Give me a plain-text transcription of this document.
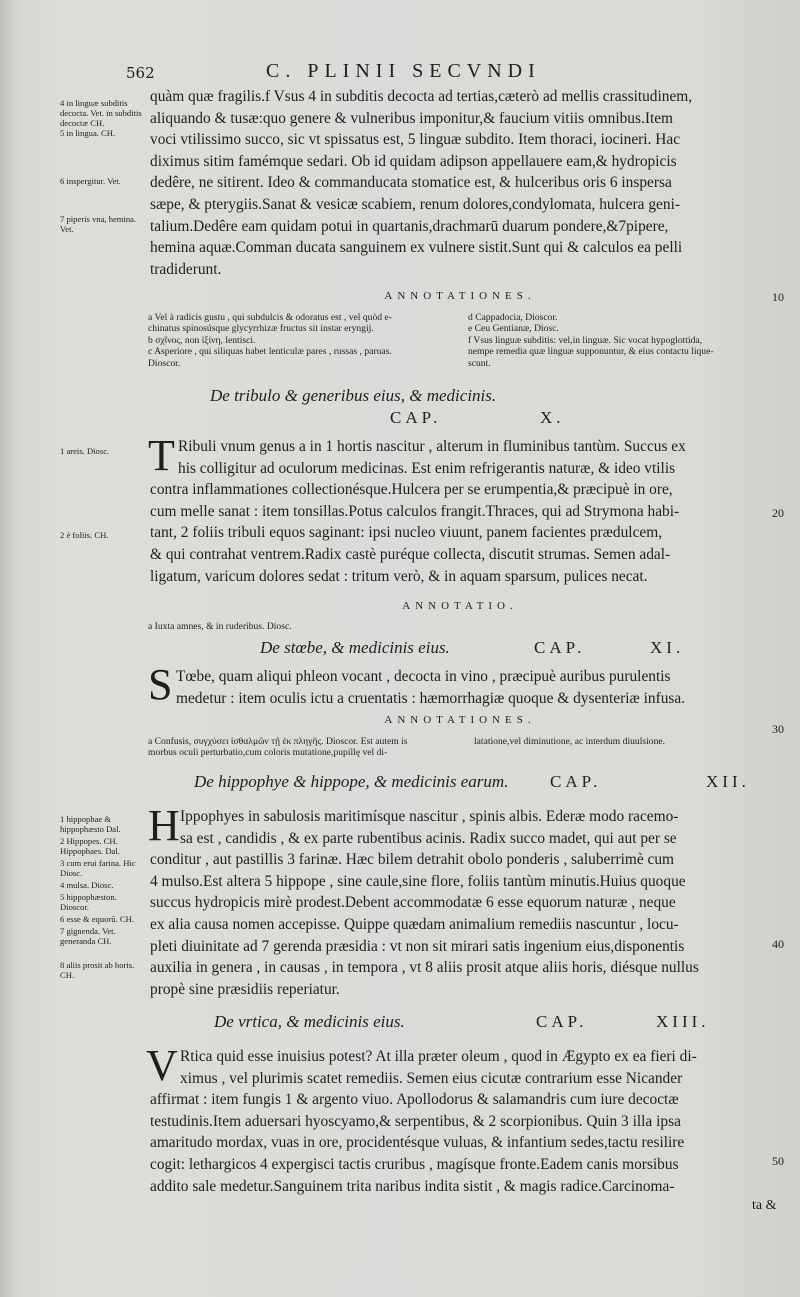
562	C. PLINII SECVNDI
quàm quæ fragilis.f Vsus 4 in subditis decocta ad tertias,cæterò ad mellis crassitudinem,
aliquando & tusæ:quo genere & vulneribus imponitur,& faucium vitiis omnibus.Item
voci vtilissimo succo, sic vt spissatus est, 5 linguæ subdito. Item thoraci, iocineri. Hac
diximus sitim famémque sedari. Ob id quidam adipson appellauere eam,& hydropicis
dedêre, ne sitirent. Ideo & commanducata stomatice est, & hulceribus oris 6 inspersa
sæpe, & pterygiis.Sanat & vesicæ scabiem, renum dolores,condylomata, hulcera geni-
talium.Dedêre eam quidam potui in quartanis,drachmarū duarum pondere,&7pipere,
hemina aquæ.Comman ducata sanguinem ex vulnere sistit.Sunt qui & calculos ea pelli
tradiderunt.
4 in linguæ subditis decocta. Vet. in subditis decoctæ CH.
5 in lingua. CH.
6 inspergitur. Vet.
7 piperis vna, hemina. Vet.
ANNOTATIONES.
a Vel à radicis gustu , qui subdulcis & odoratus est , vel quòd e-
chinatus spinosúsque glycyrrhizæ fructus sit instar eryngij.
b σχῖνος, non ἰξίνη, lentisci.
c Asperiore , qui siliquas habet lenticulæ pares , russas , paruas.
Dioscor.
d Cappadocia, Dioscor.
e Ceu Gentianæ, Diosc.
f Vsus linguæ subditis: vel,in linguæ. Sic vocat hypoglottida,
nempe remedia quæ linguæ supponuntur, & eius contactu lique-
scunt.
De tribulo & generibus eius, & medicinis.
CAP.	X.
T Ribuli vnum genus a in 1 hortis nascitur , alterum in fluminibus tantùm. Succus ex
his colligitur ad oculorum medicinas. Est enim refrigerantis naturæ, & ideo vtilis
contra inflammationes collectionésque.Hulcera per se erumpentia,& præcipuè in ore,
cum melle sanat : item tonsillas.Potus calculos frangit.Thraces, qui ad Strymona habi-
tant, 2 foliis tribuli equos saginant: ipsi nucleo viuunt, panem facientes prædulcem,
& qui contrahat ventrem.Radix castè puréque collecta, discutit strumas. Semen adal-
ligatum, varicum dolores sedat : tritum verò, & in aquam sparsum, pulices necat.
1 areis. Diosc.
2 è foliis. CH.
ANNOTATIO.
a Iuxta amnes, & in ruderibus. Diosc.
De stœbe, & medicinis eius.	CAP.	XI.
S Tœbe, quam aliqui phleon vocant , decocta in vino , præcipuè auribus purulentis
medetur : item oculis ictu a cruentatis : hæmorrhagiæ quoque & dysenteriæ infusa.
ANNOTATIONES.
a Confusis, συγχύσει ἰσθαλμῶν τῇ ἐκ πληγῆς. Dioscor. Est autem is
morbus oculi perturbatio,cum coloris mutatione,pupillę vel di-
latatione,vel diminutione, ac interdum diuulsione.
De hippophye & hippope, & medicinis earum. CAP.	XII.
H Ippophyes in sabulosis maritimísque nascitur , spinis albis. Ederæ modo racemo-
sa est , candidis , & ex parte rubentibus acinis. Radix succo madet, qui aut per se
conditur , aut pastillis 3 farinæ. Hæc bilem detrahit obolo ponderis , saluberrimè cum
4 mulso.Est altera 5 hippope , sine caule,sine flore, foliis tantùm minutis.Huius quoque
succus hydropicis mirè prodest.Debent accommodatæ 6 esse equorum naturæ , neque
ex alia causa nomen accepisse. Quippe quædam animalium remediis nascuntur , locu-
pleti diuinitate ad 7 gerenda præsidia : vt non sit mirari satis ingenium eius,disponentis
auxilia in genera , in causas , in tempora , vt 8 aliis prosit atque aliis horis, diésque nullus
propè sine præsidiis reperiatur.
1 hippophae & hippophæsto Dal.
2 Hippopes. CH. Hippophaes. Dal.
3 cum erui farina. Hic Diosc.
4 mulsa. Diosc.
5 hippophæston. Dioscor.
6 esse & equorū. CH.
7 gignenda. Vet. generanda CH.
8 aliis prosit ab horis. CH.
De vrtica, & medicinis eius.	CAP.	XIII.
V Rtica quid esse inuisius potest? At illa præter oleum , quod in Ægypto ex ea fieri di-
ximus , vel plurimis scatet remediis. Semen eius cicutæ contrarium esse Nicander
affirmat : item fungis 1 & argento viuo. Apollodorus & salamandris cum iure decoctæ
testudinis.Item aduersari hyoscyamo,& serpentibus, & 2 scorpionibus. Quin 3 illa ipsa
amaritudo mordax, vuas in ore, procidentésque vuluas, & infantium sedes,tactu resilire
cogit: lethargicos 4 expergisci tactis cruribus , magísque fronte.Eadem canis morsibus
addito sale medetur.Sanguinem trita naribus indita sistit , & magis radice.Carcinoma-
ta &
10
20
30
40
50
